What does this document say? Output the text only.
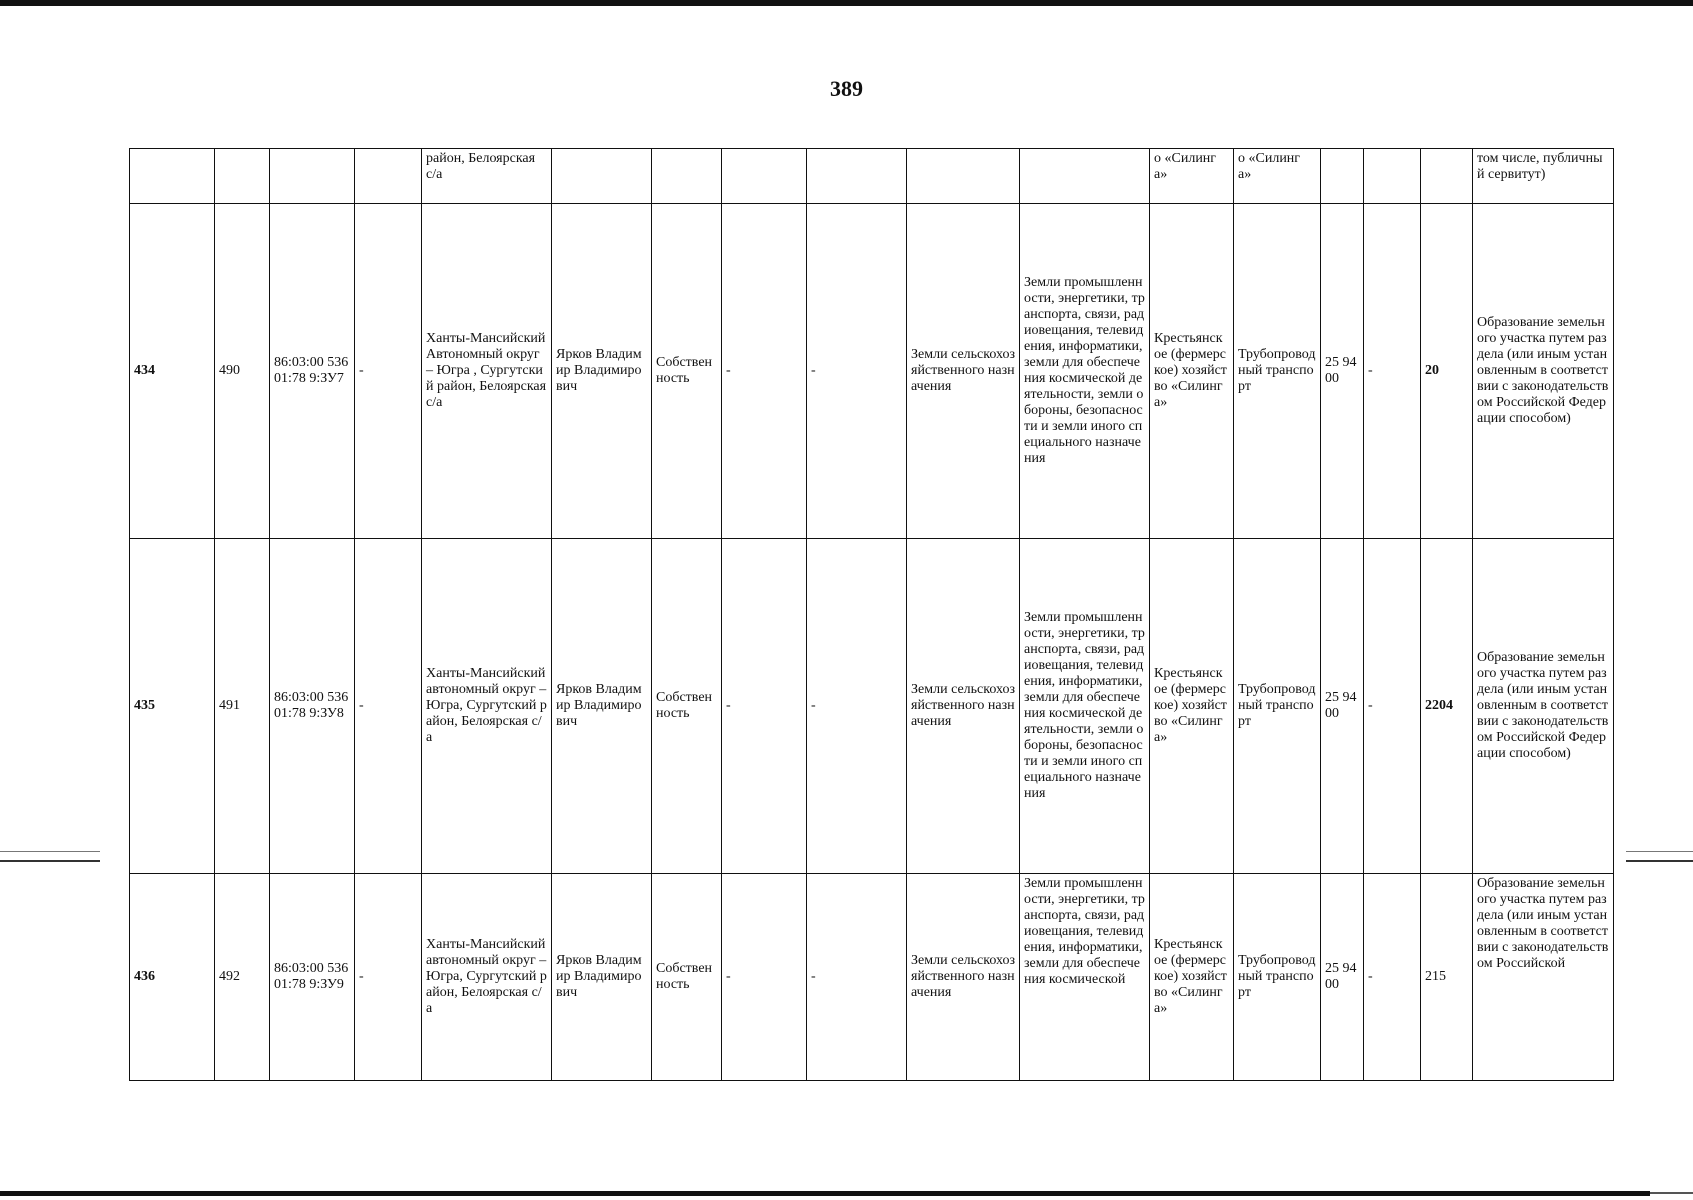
389
				район, Белоярская с/а							о «Силинг а»	о «Силинг а»				том числе, публичный сервитут)
434	490	86:03:00 53601:78 9:ЗУ7	-	Ханты-Мансийский Автономный округ – Югра , Сургутский район, Белоярская с/а	Ярков Владимир Владимирович	Собственность	-	-	Земли сельскохозяйственного назначения	Земли промышленности, энергетики, транспорта, связи, радиовещания, телевидения, информатики, земли для обеспечения космической деятельности, земли обороны, безопасности и земли иного специального назначения	Крестьянское (фермерское) хозяйство «Силинга»	Трубопроводный транспорт	25 94 00	-	20	Образование земельного участка путем раздела (или иным установленным в соответствии с законодательством Российской Федерации способом)
435	491	86:03:00 53601:78 9:ЗУ8	-	Ханты-Мансийский автономный округ – Югра, Сургутский район, Белоярская с/а	Ярков Владимир Владимирович	Собственность	-	-	Земли сельскохозяйственного назначения	Земли промышленности, энергетики, транспорта, связи, радиовещания, телевидения, информатики, земли для обеспечения космической деятельности, земли обороны, безопасности и земли иного специального назначения	Крестьянское (фермерское) хозяйство «Силинга»	Трубопроводный транспорт	25 94 00	-	2204	Образование земельного участка путем раздела (или иным установленным в соответствии с законодательством Российской Федерации способом)
436	492	86:03:00 53601:78 9:ЗУ9	-	Ханты-Мансийский автономный округ – Югра, Сургутский район, Белоярская с/а	Ярков Владимир Владимирович	Собственность	-	-	Земли сельскохозяйственного назначения	Земли промышленности, энергетики, транспорта, связи, радиовещания, телевидения, информатики, земли для обеспечения космической	Крестьянское (фермерское) хозяйство «Силинга»	Трубопроводный транспорт	25 94 00	-	215	Образование земельного участка путем раздела (или иным установленным в соответствии с законодательством Российской
